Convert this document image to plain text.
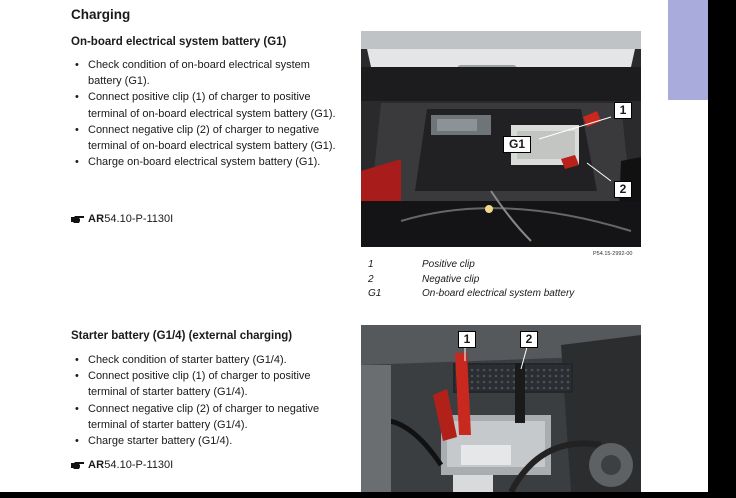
Charging
On-board electrical system battery (G1)
• Check condition of on-board electrical system battery (G1).
• Connect positive clip (1) of charger to positive terminal of on-board electrical system battery (G1).
• Connect negative clip (2) of charger to negative terminal of on-board electrical system battery (G1).
• Charge on-board electrical system battery (G1).
AR54.10-P-1130I
1
G1
2
P54.15-2992-00
1	Positive clip
2	Negative clip
G1	On-board electrical system battery
Starter battery (G1/4) (external charging)
• Check condition of starter battery (G1/4).
• Connect positive clip (1) of charger to positive terminal of starter battery (G1/4).
• Connect negative clip (2) of charger to negative terminal of starter battery (G1/4).
• Charge starter battery (G1/4).
AR54.10-P-1130I
1	2
